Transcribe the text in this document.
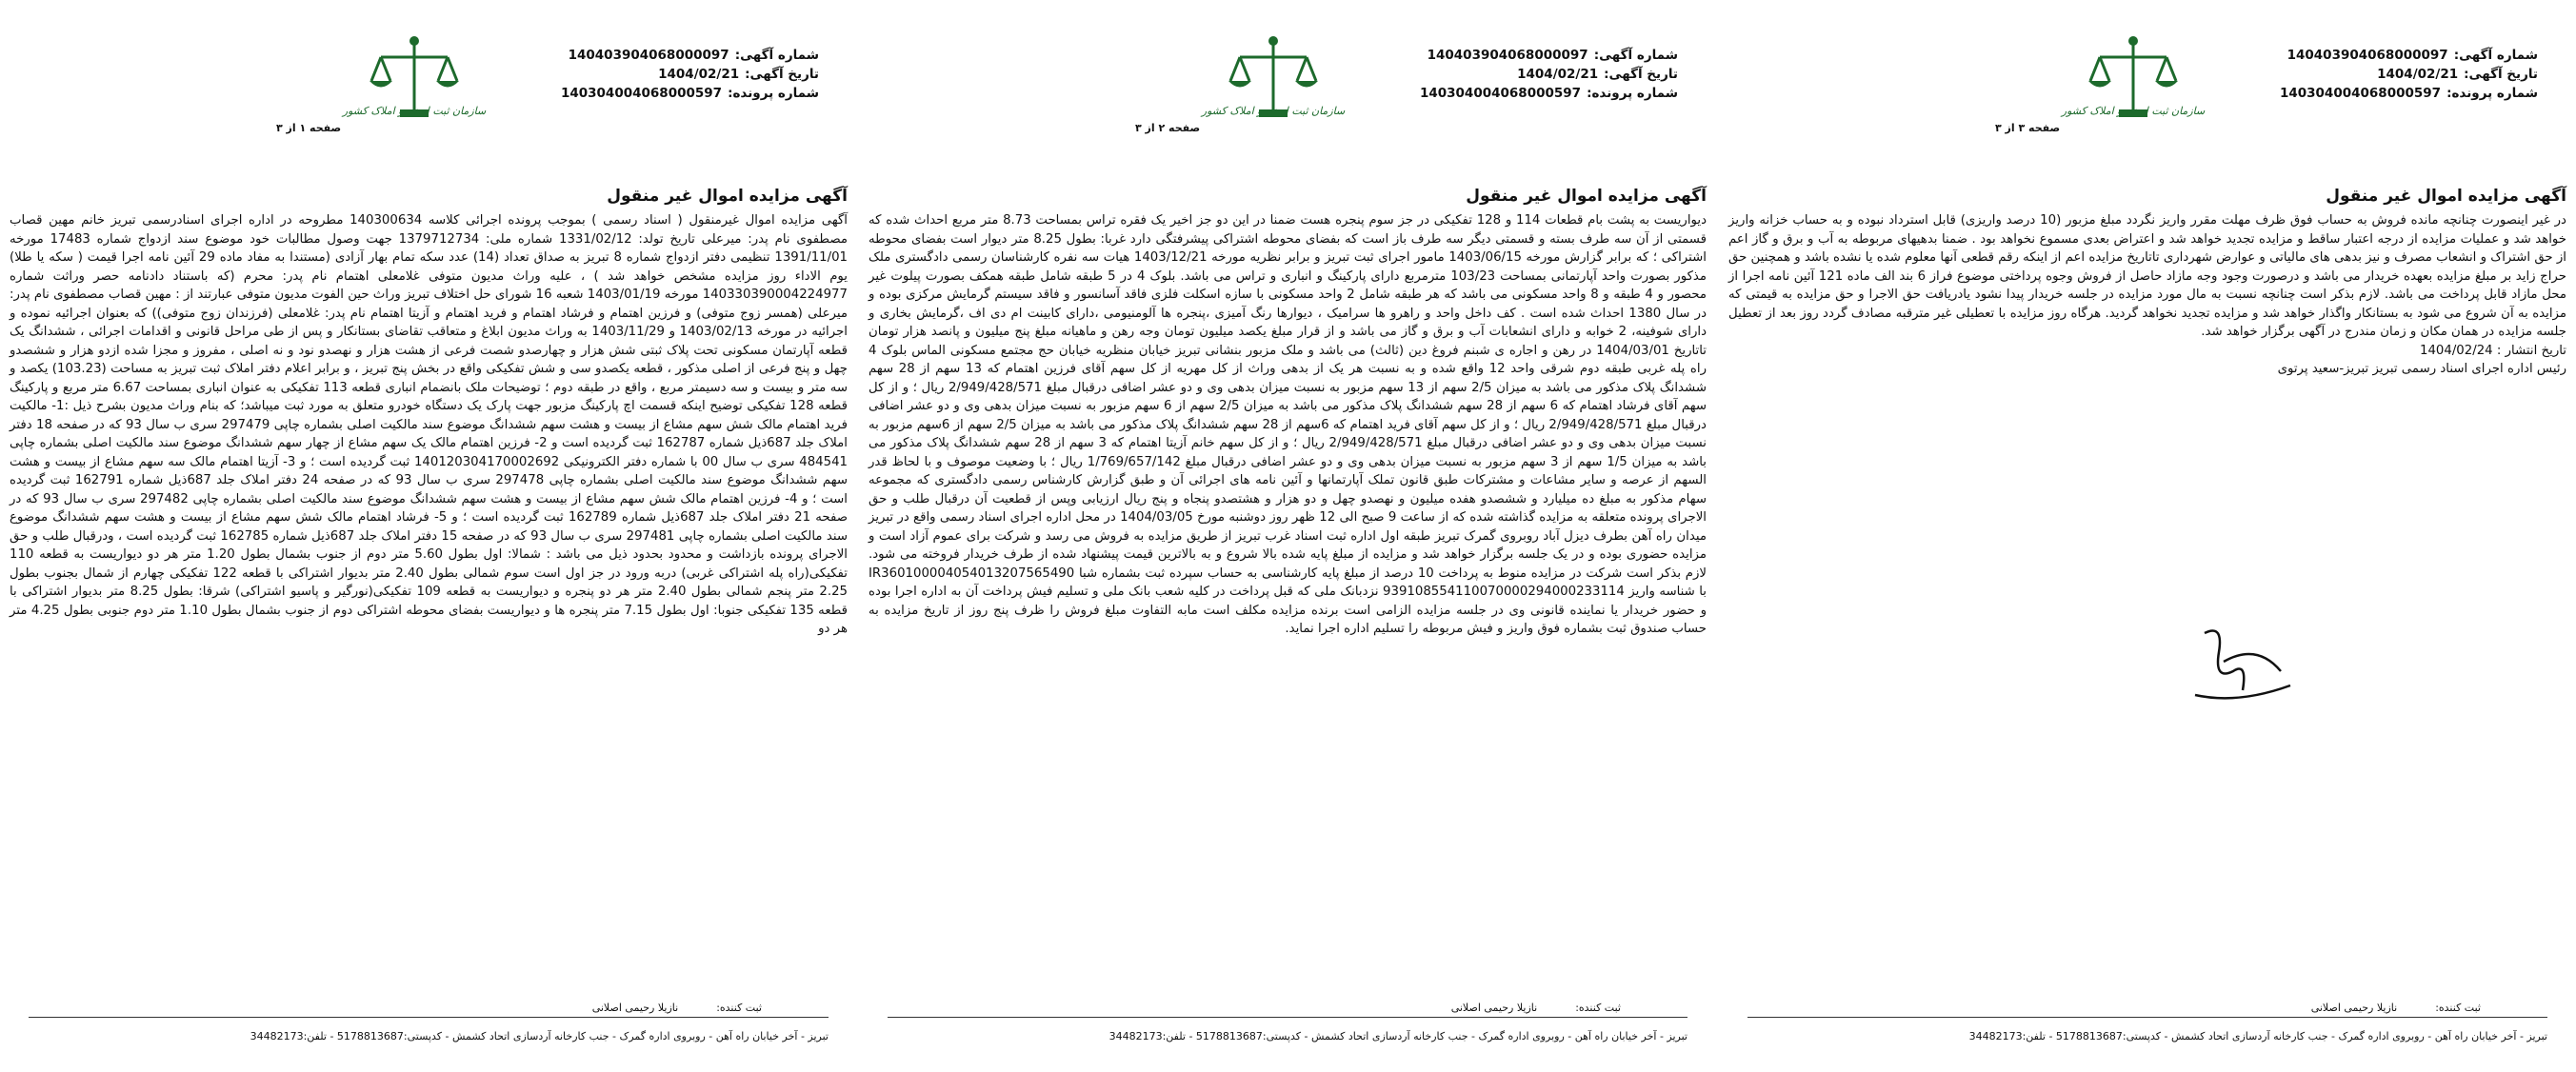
شماره آگهی:
140403904068000097
تاریخ آگهی:
1404/02/21
شماره پرونده:
140304004068000597
سازمان ثبت اسناد و املاک کشور
صفحه ۳ از ۳
آگهی مزایده اموال غیر منقول
در غیر اینصورت چنانچه مانده فروش به حساب فوق ظرف مهلت مقرر واریز نگردد مبلغ مزبور (10 درصد واریزی) قابل استرداد نبوده و به حساب خزانه واریز خواهد شد و عملیات مزایده از درجه اعتبار ساقط و مزایده تجدید خواهد شد و اعتراض بعدی مسموع نخواهد بود . ضمنا بدهیهای مربوطه به آب و برق و گاز اعم از حق اشتراک و انشعاب مصرف و نیز بدهی های مالیاتی و عوارض شهرداری تاتاریخ مزایده اعم از اینکه رقم قطعی آنها معلوم شده یا نشده باشد و همچنین حق حراج زاید بر مبلغ مزایده بعهده خریدار می باشد و درصورت وجود وجه مازاد حاصل از فروش وجوه پرداختی موضوع فراز 6 بند الف ماده 121 آئین نامه اجرا از محل مازاد قابل پرداخت می باشد. لازم بذکر است چنانچه نسبت به مال مورد مزایده در جلسه خریدار پیدا نشود یادریافت حق الاجرا و حق مزایده به قیمتی که مزایده به آن شروع می شود به بستانکار واگذار خواهد شد و مزایده تجدید نخواهد گردید. هرگاه روز مزایده با تعطیلی غیر مترقبه مصادف گردد روز بعد از تعطیل جلسه مزایده در همان مکان و زمان مندرج در آگهی برگزار خواهد شد.
تاریخ انتشار : 1404/02/24
رئیس اداره اجرای اسناد رسمی تبریز تبریز-سعید پرتوی
ثبت کننده:
نازیلا رحیمی اصلانی
تبریز - آخر خیابان راه آهن - روبروی اداره گمرک - جنب کارخانه آردسازی اتحاد کشمش - کدپستی:5178813687 - تلفن:34482173
شماره آگهی:
140403904068000097
تاریخ آگهی:
1404/02/21
شماره پرونده:
140304004068000597
سازمان ثبت اسناد و املاک کشور
صفحه ۲ از ۳
آگهی مزایده اموال غیر منقول
دیواریست به پشت بام قطعات 114 و 128 تفکیکی در جز سوم پنجره هست ضمنا در این دو جز اخیر یک فقره تراس بمساحت 8.73 متر مربع احداث شده که قسمتی از آن سه طرف بسته و قسمتی دیگر سه طرف باز است که بفضای محوطه اشتراکی پیشرفتگی دارد غربا: بطول 8.25 متر دیوار است بفضای محوطه اشتراکی ؛ که برابر گزارش مورخه 1403/06/15 مامور اجرای ثبت تبریز و برابر نظریه مورخه 1403/12/21 هیات سه نفره کارشناسان رسمی دادگستری ملک مذکور بصورت واحد آپارتمانی بمساحت 103/23 مترمربع دارای پارکینگ و انباری و تراس می باشد. بلوک 4 در 5 طبقه شامل طبقه همکف بصورت پیلوت غیر محصور و 4 طبقه و 8 واحد مسکونی می باشد که هر طبقه شامل 2 واحد مسکونی با سازه اسکلت فلزی فاقد آسانسور و فاقد سیستم گرمایش مرکزی بوده و در سال 1380 احداث شده است . کف داخل واحد و راهرو ها سرامیک ، دیوارها رنگ آمیزی ،پنجره ها آلومنیومی ،دارای کابینت ام دی اف ،گرمایش بخاری و دارای شوفینه، 2 خوابه و دارای انشعابات آب و برق و گاز می باشد و از قرار مبلغ یکصد میلیون تومان وجه رهن و ماهیانه مبلغ پنج میلیون و پانصد هزار تومان تاتاریخ 1404/03/01 در رهن و اجاره ی شبنم فروغ دین (ثالث) می باشد و ملک مزبور بنشانی تبریز خیابان منظریه خیابان حج مجتمع مسکونی الماس بلوک 4 راه پله غربی طبقه دوم شرقی واحد 12 واقع شده و به نسبت هر یک از بدهی وراث از کل مهریه از کل سهم آقای فرزین اهتمام که 13 سهم از 28 سهم ششدانگ پلاک مذکور می باشد به میزان 2/5 سهم از 13 سهم مزبور به نسبت میزان بدهی وی و دو عشر اضافی درقبال مبلغ 2/949/428/571 ریال ؛ و از کل سهم آقای فرشاد اهتمام که 6 سهم از 28 سهم ششدانگ پلاک مذکور می باشد به میزان 2/5 سهم از 6 سهم مزبور به نسبت میزان بدهی وی و دو عشر اضافی درقبال مبلغ 2/949/428/571 ریال ؛ و از کل سهم آقای فرید اهتمام که 6سهم از 28 سهم ششدانگ پلاک مذکور می باشد به میزان 2/5 سهم از 6سهم مزبور به نسبت میزان بدهی وی و دو عشر اضافی درقبال مبلغ 2/949/428/571 ریال ؛ و از کل سهم خانم آزیتا اهتمام که 3 سهم از 28 سهم ششدانگ پلاک مذکور می باشد به میزان 1/5 سهم از 3 سهم مزبور به نسبت میزان بدهی وی و دو عشر اضافی درقبال مبلغ 1/769/657/142 ریال ؛ با وضعیت موصوف و با لحاظ قدر السهم از عرصه و سایر مشاعات و مشترکات طبق قانون تملک آپارتمانها و آئین نامه های اجرائی آن و طبق گزارش کارشناس رسمی دادگستری که مجموعه سهام مذکور به مبلغ ده میلیارد و ششصدو هفده میلیون و نهصدو چهل و دو هزار و هشتصدو پنجاه و پنج ریال ارزیابی وپس از قطعیت آن درقبال طلب و حق الاجرای پرونده متعلقه به مزایده گذاشته شده که از ساعت 9 صبح الی 12 ظهر روز دوشنبه مورخ 1404/03/05 در محل اداره اجرای اسناد رسمی واقع در تبریز میدان راه آهن بطرف دیزل آباد روبروی گمرک تبریز طبقه اول اداره ثبت اسناد غرب تبریز از طریق مزایده به فروش می رسد و شرکت برای عموم آزاد است و مزایده حضوری بوده و در یک جلسه برگزار خواهد شد و مزایده از مبلغ پایه شده بالا شروع و به بالاترین قیمت پیشنهاد شده از طرف خریدار فروخته می شود. لازم بذکر است شرکت در مزایده منوط به پرداخت 10 درصد از مبلغ پایه کارشناسی به حساب سپرده ثبت بشماره شبا IR360100004054013207565490 با شناسه واریز 939108554110070000294000233114 نزدبانک ملی که قبل پرداخت در کلیه شعب بانک ملی و تسلیم فیش پرداخت آن به اداره اجرا بوده و حضور خریدار یا نماینده قانونی وی در جلسه مزایده الزامی است برنده مزایده مکلف است مابه التفاوت مبلغ فروش را ظرف پنج روز از تاریخ مزایده به حساب صندوق ثبت بشماره فوق واریز و فیش مربوطه را تسلیم اداره اجرا نماید.
ثبت کننده:
نازیلا رحیمی اصلانی
تبریز - آخر خیابان راه آهن - روبروی اداره گمرک - جنب کارخانه آردسازی اتحاد کشمش - کدپستی:5178813687 - تلفن:34482173
شماره آگهی:
140403904068000097
تاریخ آگهی:
1404/02/21
شماره پرونده:
140304004068000597
سازمان ثبت اسناد و املاک کشور
صفحه ۱ از ۳
آگهی مزایده اموال غیر منقول
آگهی مزایده اموال غیرمنقول ( اسناد رسمی ) بموجب پرونده اجرائی کلاسه 140300634 مطروحه در اداره اجرای اسنادرسمی تبریز خانم مهین قصاب مصطفوی نام پدر: میرعلی تاریخ تولد: 1331/02/12 شماره ملی: 1379712734 جهت وصول مطالبات خود موضوع سند ازدواج شماره 17483 مورخه 1391/11/01 تنظیمی دفتر ازدواج شماره 8 تبریز به صداق تعداد (14) عدد سکه تمام بهار آزادی (مستندا به مفاد ماده 29 آئین نامه اجرا قیمت ( سکه یا طلا) یوم الاداء روز مزایده مشخص خواهد شد ) ، علیه وراث مدیون متوفی غلامعلی اهتمام نام پدر: محرم (که باستناد دادنامه حصر وراثت شماره 140330390004224977 مورخه 1403/01/19 شعبه 16 شورای حل اختلاف تبریز وراث حین الفوت مدیون متوفی عبارتند از : مهین قصاب مصطفوی نام پدر: میرعلی (همسر زوج متوفی) و فرزین اهتمام و فرشاد اهتمام و فرید اهتمام و آزیتا اهتمام نام پدر: غلامعلی (فرزندان زوج متوفی)) که بعنوان اجرائیه نموده و اجرائیه در مورخه 1403/02/13 و 1403/11/29 به وراث مدیون ابلاغ و متعاقب تقاضای بستانکار و پس از طی مراحل قانونی و اقدامات اجرائی ، ششدانگ یک قطعه آپارتمان مسکونی تحت پلاک ثبتی شش هزار و چهارصدو شصت فرعی از هشت هزار و نهصدو نود و نه اصلی ، مفروز و مجزا شده ازدو هزار و ششصدو چهل و پنج فرعی از اصلی مذکور ، قطعه یکصدو سی و شش تفکیکی واقع در بخش پنج تبریز ، و برابر اعلام دفتر املاک ثبت تبریز به مساحت (103.23) یکصد و سه متر و بیست و سه دسیمتر مربع ، واقع در طبقه دوم ؛ توضیحات ملک بانضمام انباری قطعه 113 تفکیکی به عنوان انباری بمساحت 6.67 متر مربع و پارکینگ قطعه 128 تفکیکی توضیح اینکه قسمت اچ پارکینگ مزبور جهت پارک یک دستگاه خودرو متعلق به مورد ثبت میباشد؛ که بنام وراث مدیون بشرح ذیل :1- مالکیت فرید اهتمام مالک شش سهم مشاع از بیست و هشت سهم ششدانگ موضوع سند مالکیت اصلی بشماره چاپی 297479 سری ب سال 93 که در صفحه 18 دفتر املاک جلد 687ذیل شماره 162787 ثبت گردیده است و 2- فرزین اهتمام مالک یک سهم مشاع از چهار سهم ششدانگ موضوع سند مالکیت اصلی بشماره چاپی 484541 سری ب سال 00 با شماره دفتر الکترونیکی 140120304170002692 ثبت گردیده است ؛ و 3- آزیتا اهتمام مالک سه سهم مشاع از بیست و هشت سهم ششدانگ موضوع سند مالکیت اصلی بشماره چاپی 297478 سری ب سال 93 که در صفحه 24 دفتر املاک جلد 687ذیل شماره 162791 ثبت گردیده است ؛ و 4- فرزین اهتمام مالک شش سهم مشاع از بیست و هشت سهم ششدانگ موضوع سند مالکیت اصلی بشماره چاپی 297482 سری ب سال 93 که در صفحه 21 دفتر املاک جلد 687ذیل شماره 162789 ثبت گردیده است ؛ و 5- فرشاد اهتمام مالک شش سهم مشاع از بیست و هشت سهم ششدانگ موضوع سند مالکیت اصلی بشماره چاپی 297481 سری ب سال 93 که در صفحه 15 دفتر املاک جلد 687ذیل شماره 162785 ثبت گردیده است ، ودرقبال طلب و حق الاجرای پرونده بازداشت و محدود بحدود ذیل می باشد : شمالا: اول بطول 5.60 متر دوم از جنوب بشمال بطول 1.20 متر هر دو دیواریست به قطعه 110 تفکیکی(راه پله اشتراکی غربی) دربه ورود در جز اول است سوم شمالی بطول 2.40 متر بدیوار اشتراکی با قطعه 122 تفکیکی چهارم از شمال بجنوب بطول 2.25 متر پنجم شمالی بطول 2.40 متر هر دو پنجره و دیواریست به قطعه 109 تفکیکی(نورگیر و پاسیو اشتراکی) شرقا: بطول 8.25 متر بدیوار اشتراکی با قطعه 135 تفکیکی جنوبا: اول بطول 7.15 متر پنجره ها و دیواریست بفضای محوطه اشتراکی دوم از جنوب بشمال بطول 1.10 متر دوم جنوبی بطول 4.25 متر هر دو
ثبت کننده:
نازیلا رحیمی اصلانی
تبریز - آخر خیابان راه آهن - روبروی اداره گمرک - جنب کارخانه آردسازی اتحاد کشمش - کدپستی:5178813687 - تلفن:34482173
